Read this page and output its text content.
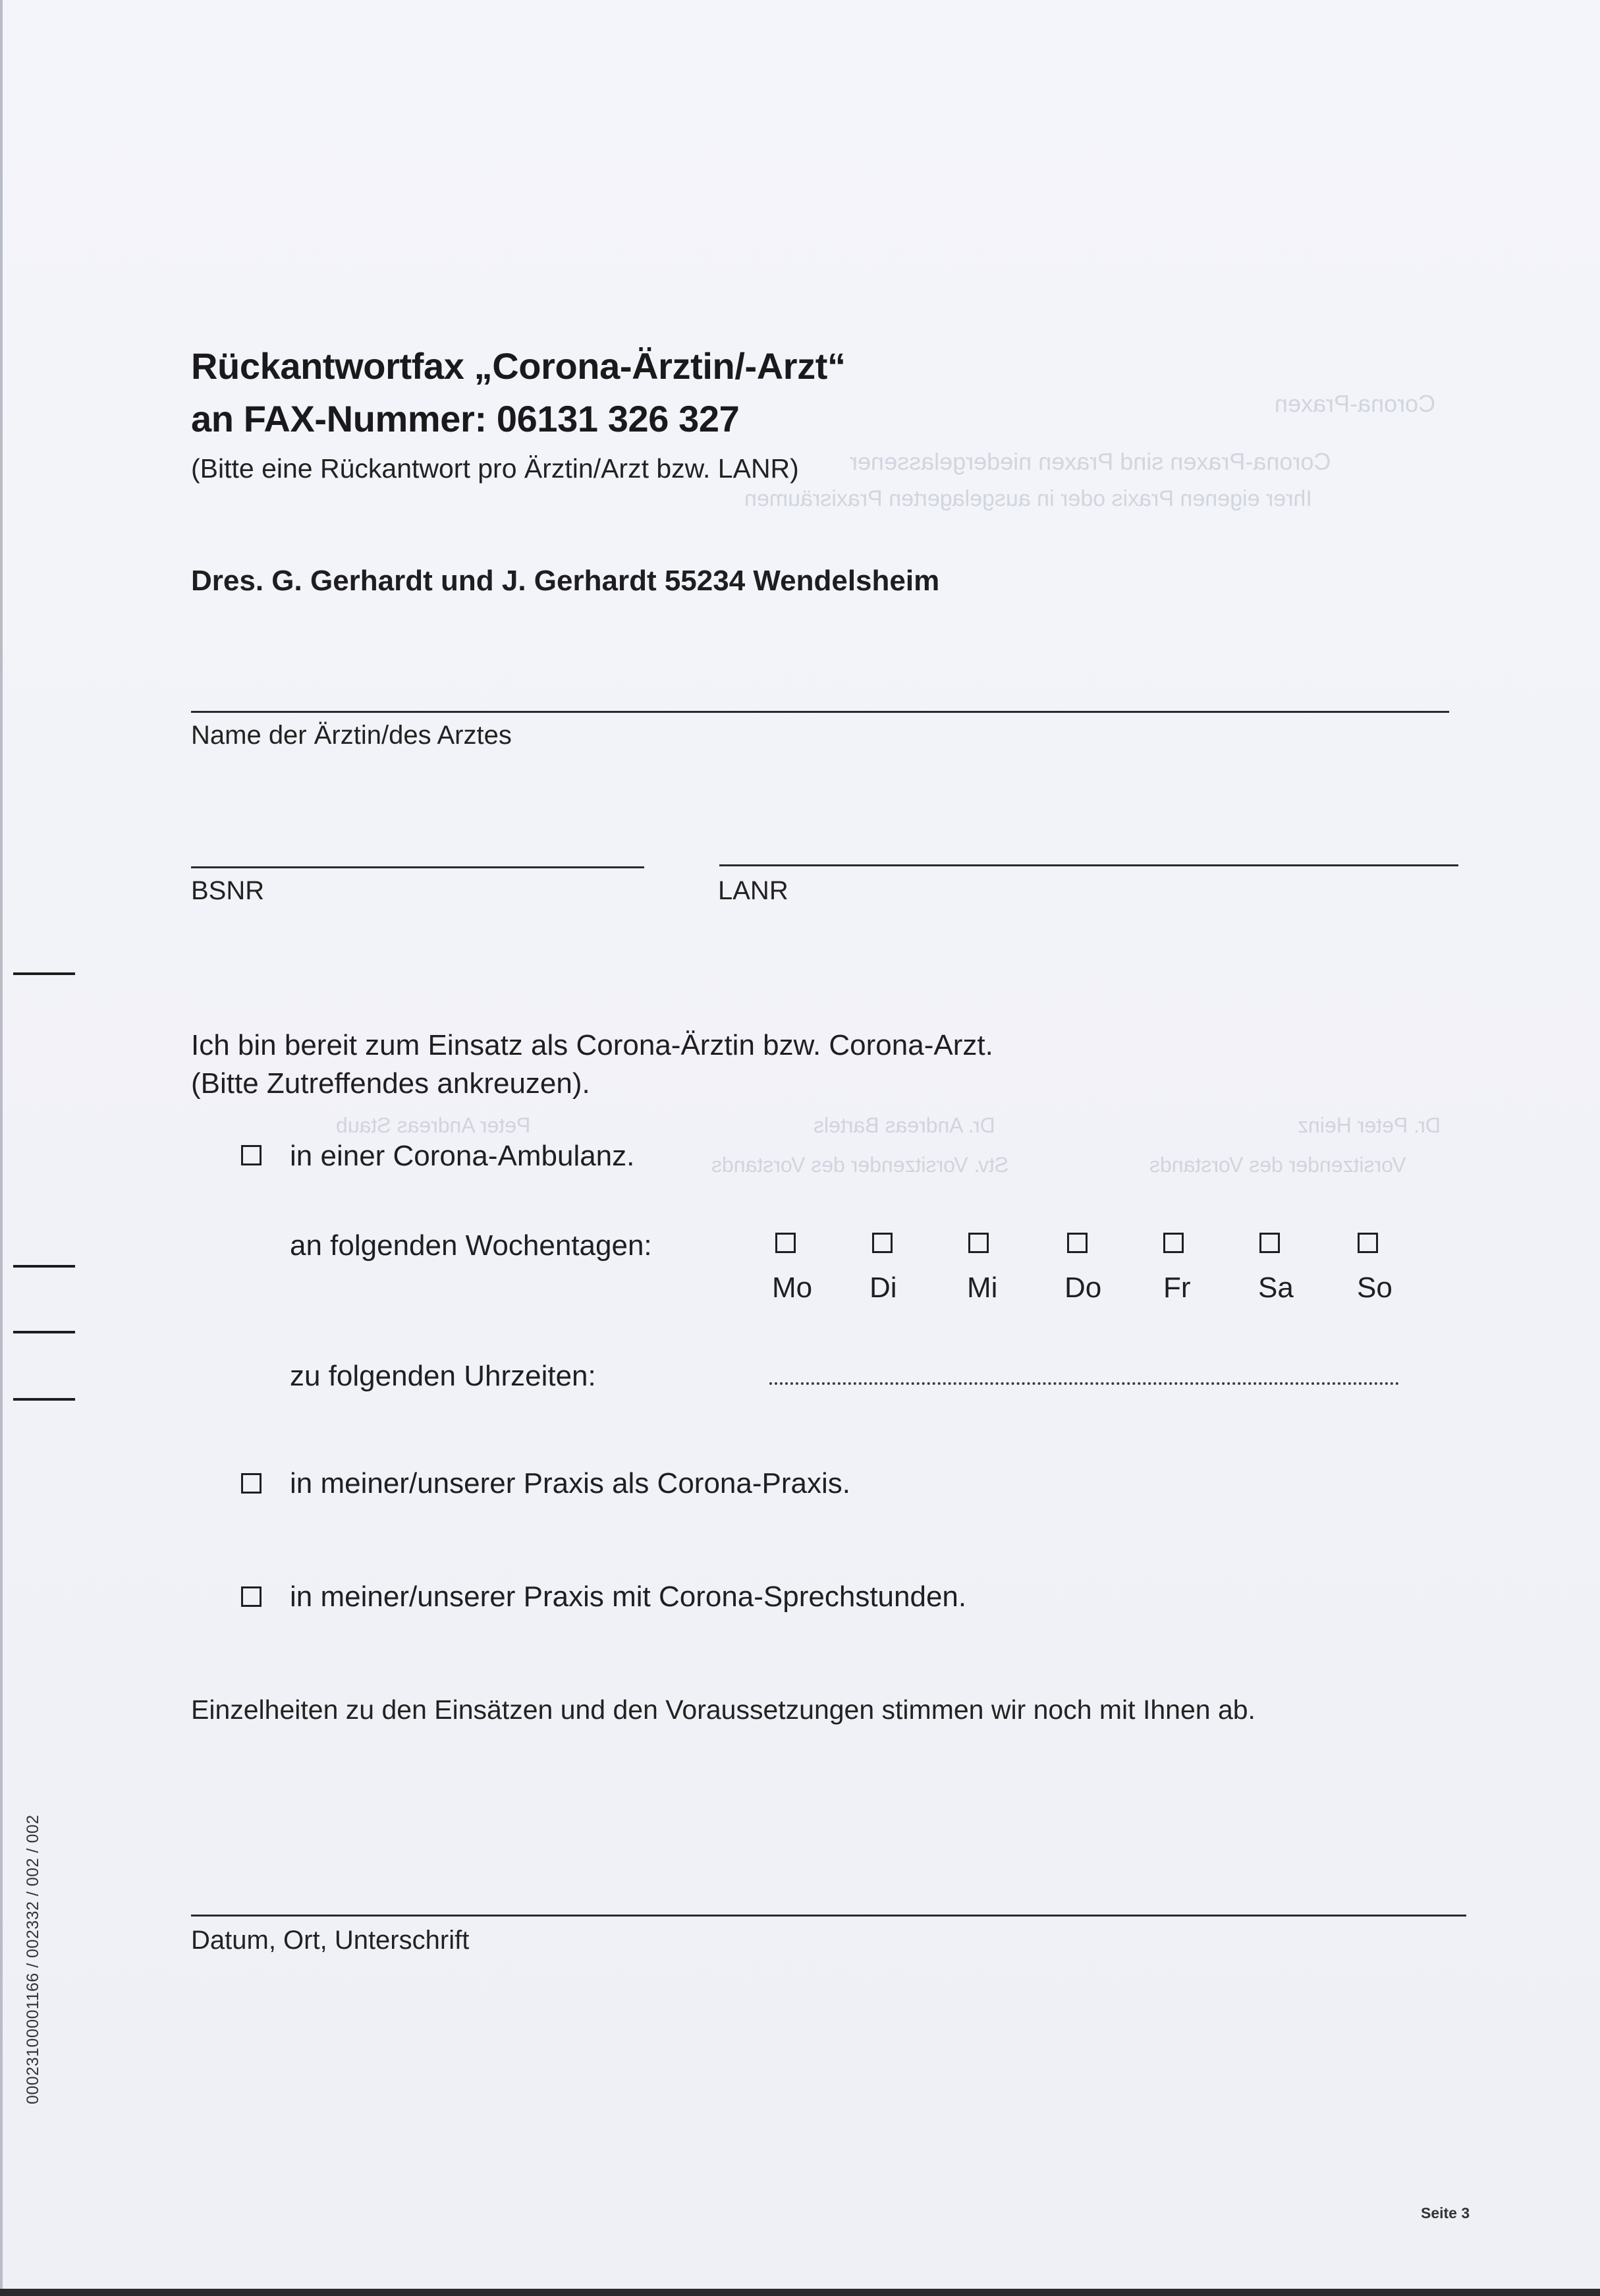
Corona-Praxen
Corona-Praxen sind Praxen niedergelassener
Ihrer eigenen Praxis oder in ausgelagerten Praxisräumen
Dr. Peter Heinz
Dr. Andreas Bartels
Peter Andreas Staub
Vorsitzender des Vorstands
Stv. Vorsitzender des Vorstands
Rückantwortfax „Corona-Ärztin/-Arzt“
an FAX-Nummer: 06131 326 327
(Bitte eine Rückantwort pro Ärztin/Arzt bzw. LANR)
Dres. G. Gerhardt und J. Gerhardt 55234 Wendelsheim
Name der Ärztin/des Arztes
BSNR	LANR
Ich bin bereit zum Einsatz als Corona-Ärztin bzw. Corona-Arzt.
(Bitte Zutreffendes ankreuzen).
in einer Corona-Ambulanz.
an folgenden Wochentagen:
Mo Di Mi Do Fr Sa So
zu folgenden Uhrzeiten:
in meiner/unserer Praxis als Corona-Praxis.
in meiner/unserer Praxis mit Corona-Sprechstunden.
Einzelheiten zu den Einsätzen und den Voraussetzungen stimmen wir noch mit Ihnen ab.
Datum, Ort, Unterschrift
00023100001166 / 002332 / 002 / 002
Seite 3
